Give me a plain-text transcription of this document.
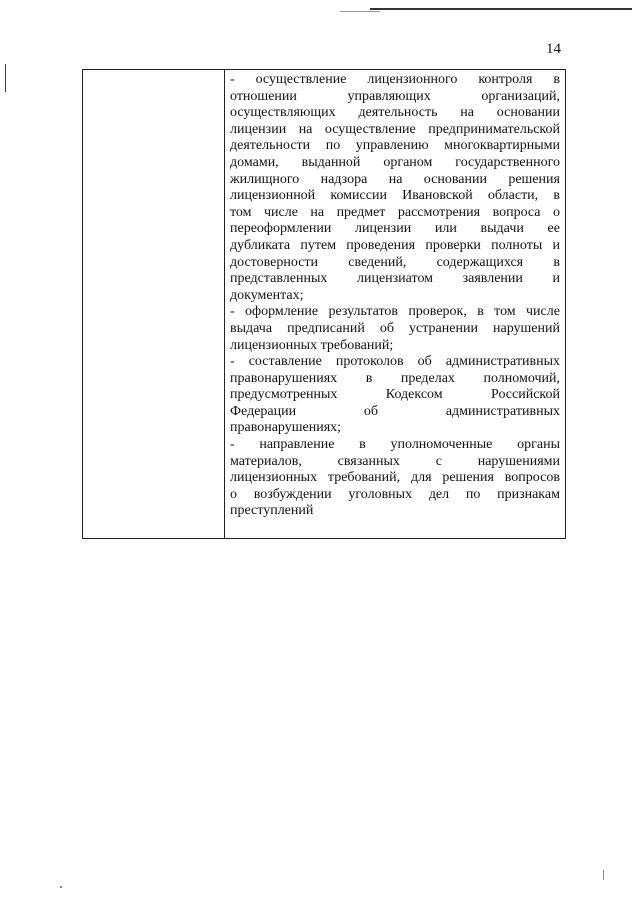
14
- осуществление лицензионного контроля в
отношении	управляющих	организаций,
осуществляющих деятельность на основании
лицензии на осуществление предпринимательской
деятельности по управлению многоквартирными
домами, выданной органом государственного
жилищного надзора на основании решения
лицензионной комиссии Ивановской области, в
том числе на предмет рассмотрения вопроса о
переоформлении лицензии или выдачи ее
дубликата путем проведения проверки полноты и
достоверности сведений, содержащихся в
представленных лицензиатом заявлении и
документах;
- оформление результатов проверок, в том числе
выдача предписаний об устранении нарушений
лицензионных требований;
- составление протоколов об административных
правонарушениях в пределах полномочий,
предусмотренных	Кодексом	Российской
Федерации	об	административных
правонарушениях;
- направление в уполномоченные органы
материалов,	связанных	с	нарушениями
лицензионных требований, для решения вопросов
о возбуждении уголовных дел по признакам
преступлений
